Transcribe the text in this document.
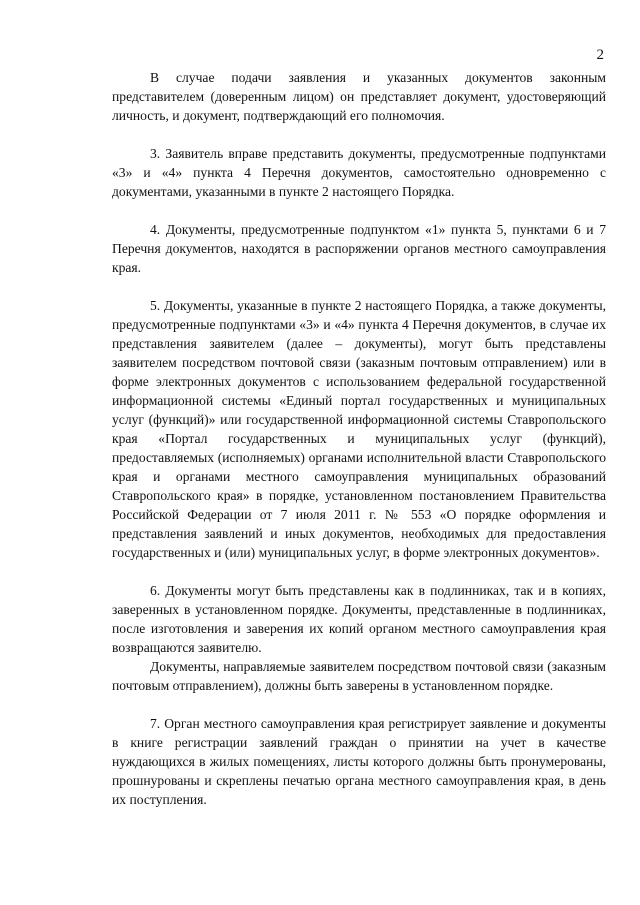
2

В случае подачи заявления и указанных документов законным представителем (доверенным лицом) он представляет документ, удостоверяющий личность, и документ, подтверждающий его полномочия.

3. Заявитель вправе представить документы, предусмотренные подпунктами «3» и «4» пункта 4 Перечня документов, самостоятельно одновременно с документами, указанными в пункте 2 настоящего Порядка.

4. Документы, предусмотренные подпунктом «1» пункта 5, пунктами 6 и 7 Перечня документов, находятся в распоряжении органов местного самоуправления края.

5. Документы, указанные в пункте 2 настоящего Порядка, а также документы, предусмотренные подпунктами «3» и «4» пункта 4 Перечня документов, в случае их представления заявителем (далее – документы), могут быть представлены заявителем посредством почтовой связи (заказным почтовым отправлением) или в форме электронных документов с использованием федеральной государственной информационной системы «Единый портал государственных и муниципальных услуг (функций)» или государственной информационной системы Ставропольского края «Портал государственных и муниципальных услуг (функций), предоставляемых (исполняемых) органами исполнительной власти Ставропольского края и органами местного самоуправления муниципальных образований Ставропольского края» в порядке, установленном постановлением Правительства Российской Федерации от 7 июля 2011 г. № 553 «О порядке оформления и представления заявлений и иных документов, необходимых для предоставления государственных и (или) муниципальных услуг, в форме электронных документов».

6. Документы могут быть представлены как в подлинниках, так и в копиях, заверенных в установленном порядке. Документы, представленные в подлинниках, после изготовления и заверения их копий органом местного самоуправления края возвращаются заявителю.

Документы, направляемые заявителем посредством почтовой связи (заказным почтовым отправлением), должны быть заверены в установленном порядке.

7. Орган местного самоуправления края регистрирует заявление и документы в книге регистрации заявлений граждан о принятии на учет в качестве нуждающихся в жилых помещениях, листы которого должны быть пронумерованы, прошнурованы и скреплены печатью органа местного самоуправления края, в день их поступления.
